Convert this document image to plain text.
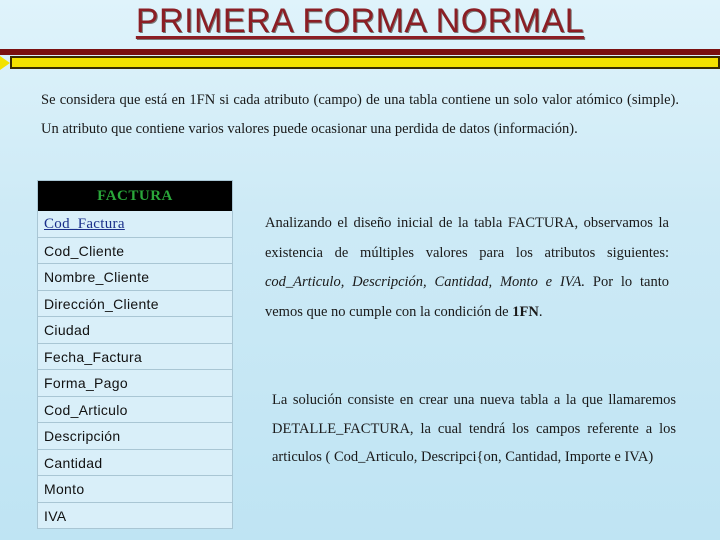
PRIMERA FORMA NORMAL
Se considera que está en 1FN si cada atributo (campo) de una tabla contiene un solo valor atómico (simple). Un atributo que contiene varios valores puede ocasionar una perdida de datos (información).
FACTURA
Cod_Factura
Cod_Cliente
Nombre_Cliente
Dirección_Cliente
Ciudad
Fecha_Factura
Forma_Pago
Cod_Articulo
Descripción
Cantidad
Monto
IVA
Analizando el diseño inicial de la tabla FACTURA, observamos la existencia de múltiples valores para los atributos siguientes: cod_Articulo, Descripción, Cantidad, Monto e IVA. Por lo tanto vemos que no cumple con la condición de 1FN.
La solución consiste en crear una nueva tabla a la que llamaremos DETALLE_FACTURA, la cual tendrá los campos referente a los articulos ( Cod_Articulo, Descripci{on, Cantidad, Importe e IVA)
